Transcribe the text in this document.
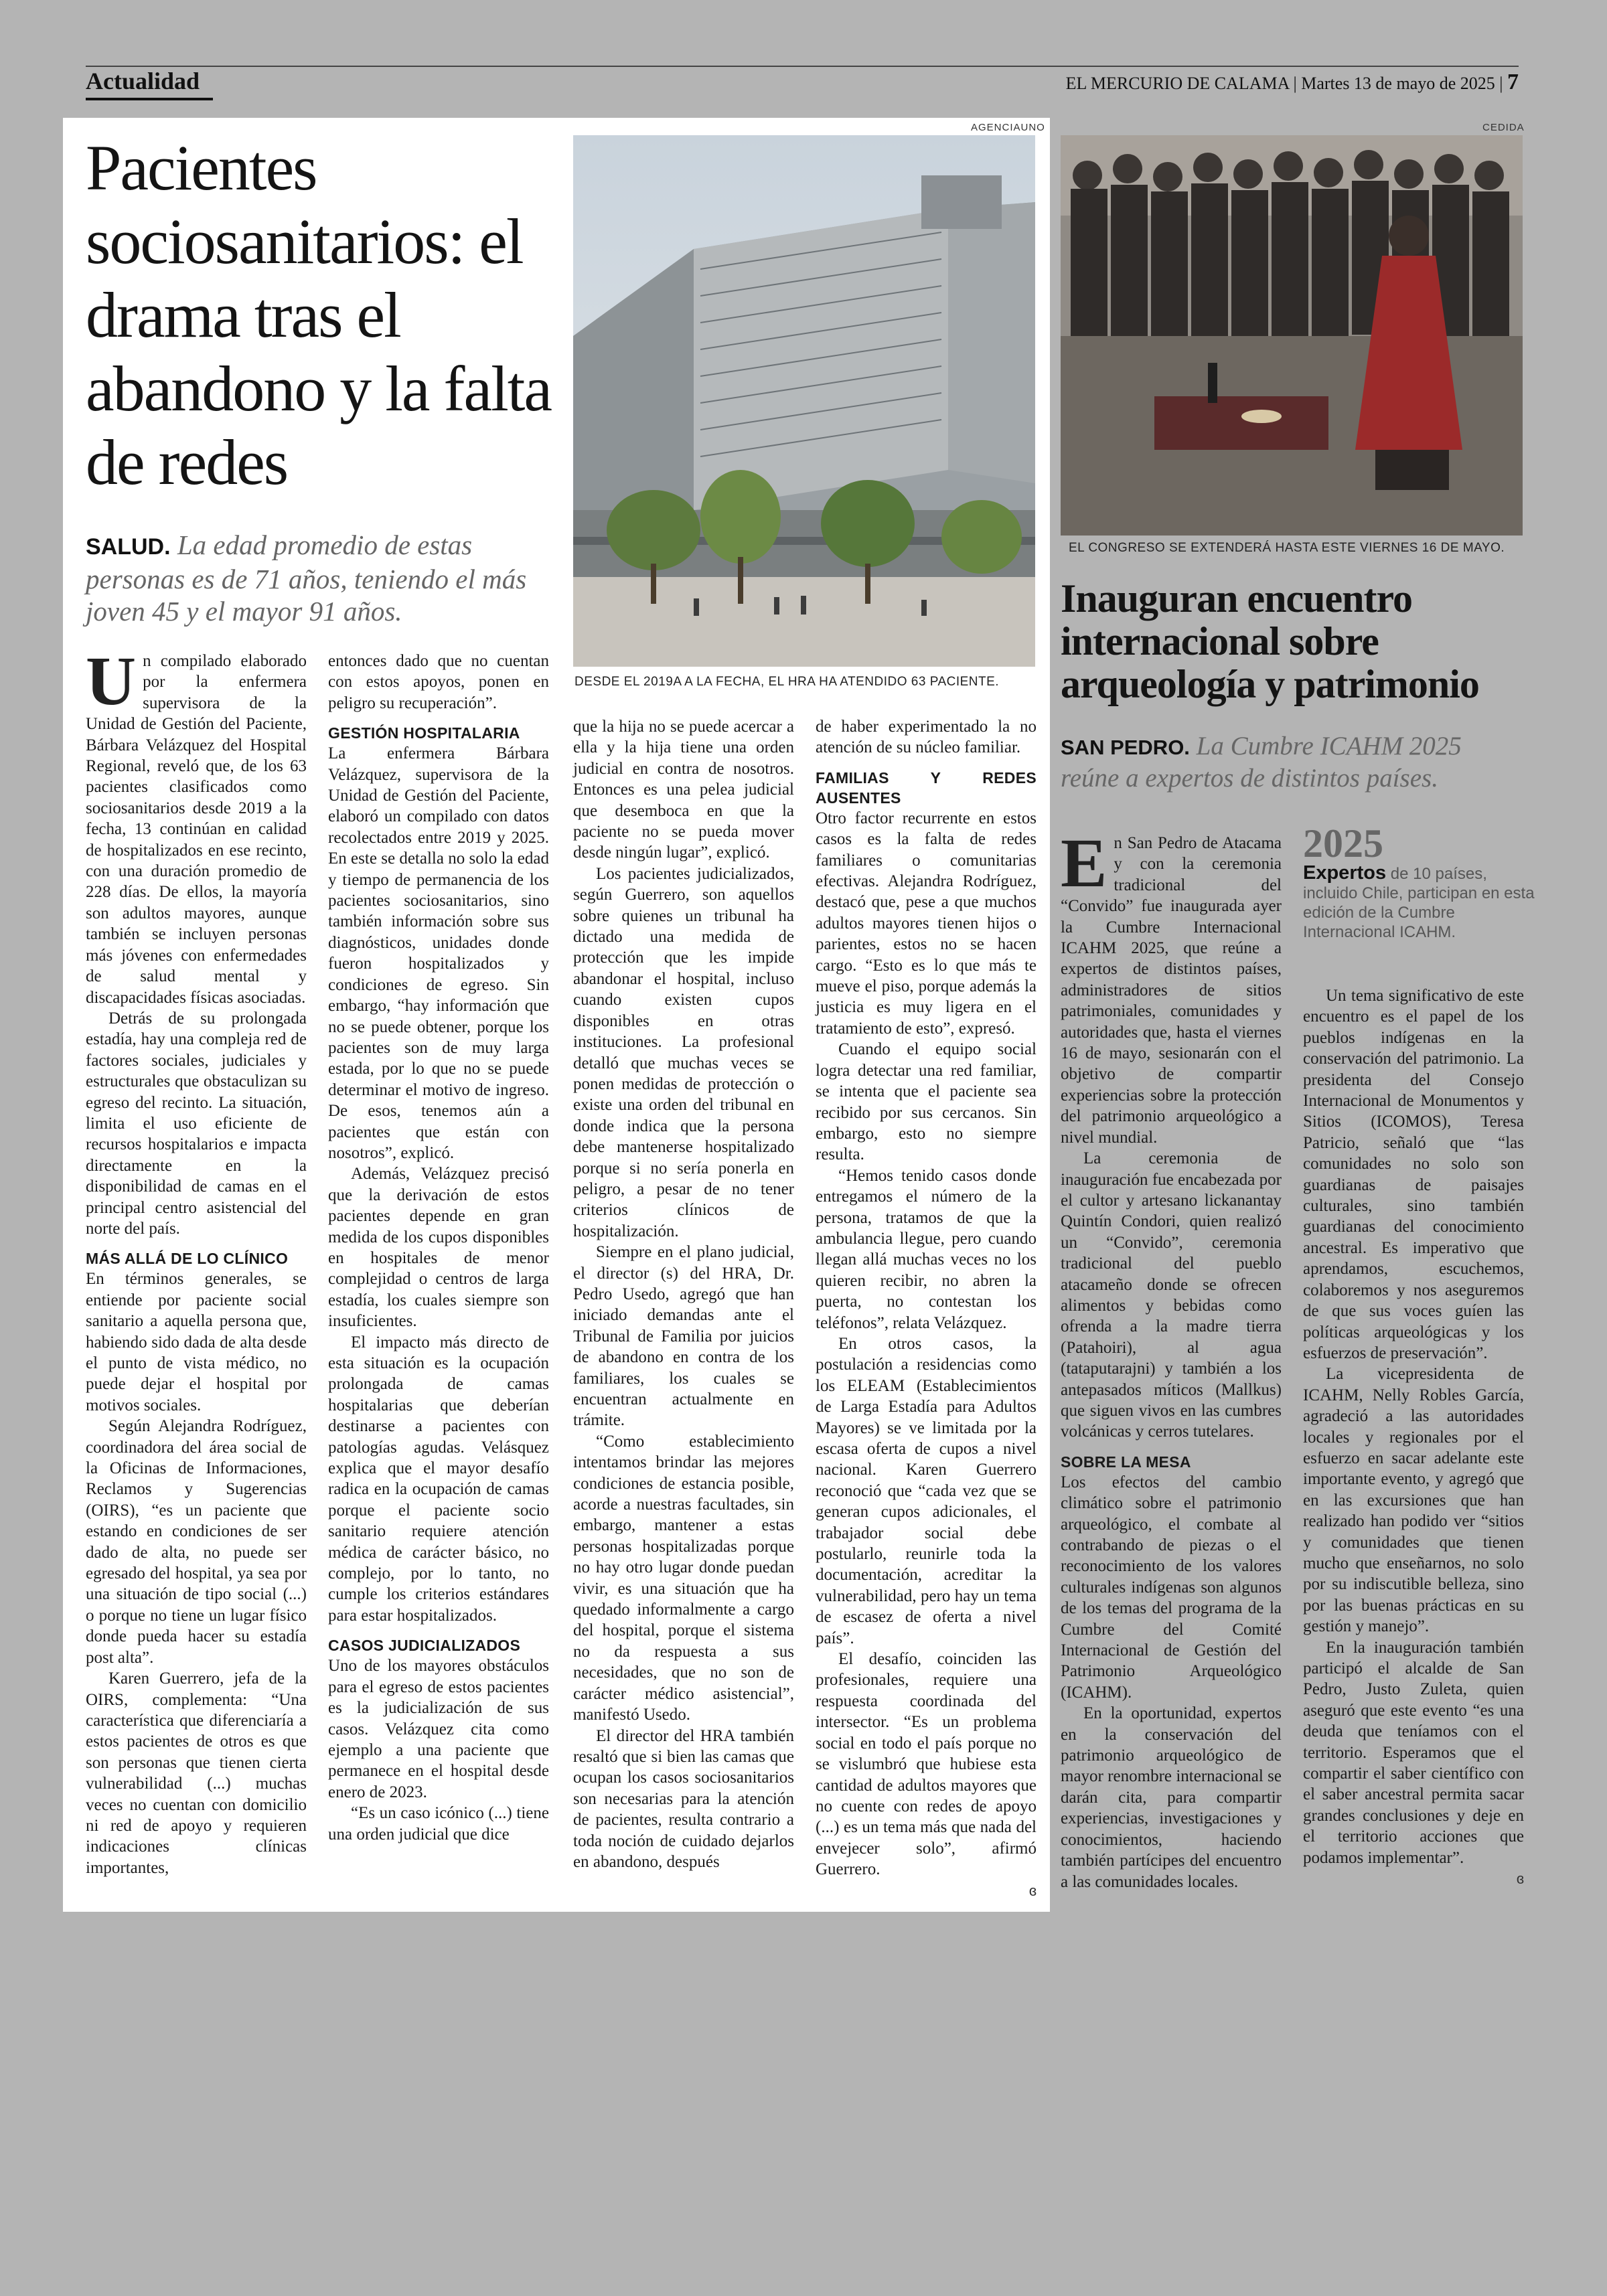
Actualidad	EL MERCURIO DE CALAMA | Martes 13 de mayo de 2025 | 7
Pacientes sociosanitarios: el drama tras el abandono y la falta de redes
SALUD. La edad promedio de estas personas es de 71 años, teniendo el más joven 45 y el mayor 91 años.
AGENCIAUNO
DESDE EL 2019A A LA FECHA, EL HRA HA ATENDIDO 63 PACIENTE.
U n compilado elaborado por la enfermera supervisora de la Unidad de Gestión del Paciente, Bárbara Velázquez del Hospital Regional, reveló que, de los 63 pacientes clasificados como sociosanitarios desde 2019 a la fecha, 13 continúan en calidad de hospitalizados en ese recinto, con una duración promedio de 228 días. De ellos, la mayoría son adultos mayores, aunque también se incluyen personas más jóvenes con enfermedades de salud mental y discapacidades físicas asociadas.

Detrás de su prolongada estadía, hay una compleja red de factores sociales, judiciales y estructurales que obstaculizan su egreso del recinto. La situación, limita el uso eficiente de recursos hospitalarios e impacta directamente en la disponibilidad de camas en el principal centro asistencial del norte del país.

MÁS ALLÁ DE LO CLÍNICO

En términos generales, se entiende por paciente social sanitario a aquella persona que, habiendo sido dada de alta desde el punto de vista médico, no puede dejar el hospital por motivos sociales.

Según Alejandra Rodríguez, coordinadora del área social de la Oficinas de Informaciones, Reclamos y Sugerencias (OIRS), “es un paciente que estando en condiciones de ser dado de alta, no puede ser egresado del hospital, ya sea por una situación de tipo social (...) o porque no tiene un lugar físico donde pueda hacer su estadía post alta”.

Karen Guerrero, jefa de la OIRS, complementa: “Una característica que diferenciaría a estos pacientes de otros es que son personas que tienen cierta vulnerabilidad (...) muchas veces no cuentan con domicilio ni red de apoyo y requieren indicaciones clínicas importantes,

entonces dado que no cuentan con estos apoyos, ponen en peligro su recuperación”.

GESTIÓN HOSPITALARIA

La enfermera Bárbara Velázquez, supervisora de la Unidad de Gestión del Paciente, elaboró un compilado con datos recolectados entre 2019 y 2025. En este se detalla no solo la edad y tiempo de permanencia de los pacientes sociosanitarios, sino también información sobre sus diagnósticos, unidades donde fueron hospitalizados y condiciones de egreso. Sin embargo, “hay información que no se puede obtener, porque los pacientes son de muy larga estada, por lo que no se puede determinar el motivo de ingreso. De esos, tenemos aún a pacientes que están con nosotros”, explicó.

Además, Velázquez precisó que la derivación de estos pacientes depende en gran medida de los cupos disponibles en hospitales de menor complejidad o centros de larga estadía, los cuales siempre son insuficientes.

El impacto más directo de esta situación es la ocupación prolongada de camas hospitalarias que deberían destinarse a pacientes con patologías agudas. Velásquez explica que el mayor desafío radica en la ocupación de camas porque el paciente socio sanitario requiere atención médica de carácter básico, no complejo, por lo tanto, no cumple los criterios estándares para estar hospitalizados.

CASOS JUDICIALIZADOS

Uno de los mayores obstáculos para el egreso de estos pacientes es la judicialización de sus casos. Velázquez cita como ejemplo a una paciente que permanece en el hospital desde enero de 2023.

“Es un caso icónico (...) tiene una orden judicial que dice

que la hija no se puede acercar a ella y la hija tiene una orden judicial en contra de nosotros. Entonces es una pelea judicial que desemboca en que la paciente no se pueda mover desde ningún lugar”, explicó.

Los pacientes judicializados, según Guerrero, son aquellos sobre quienes un tribunal ha dictado una medida de protección que les impide abandonar el hospital, incluso cuando existen cupos disponibles en otras instituciones. La profesional detalló que muchas veces se ponen medidas de protección o existe una orden del tribunal en donde indica que la persona debe mantenerse hospitalizado porque si no sería ponerla en peligro, a pesar de no tener criterios clínicos de hospitalización.

Siempre en el plano judicial, el director (s) del HRA, Dr. Pedro Usedo, agregó que han iniciado demandas ante el Tribunal de Familia por juicios de abandono en contra de los familiares, los cuales se encuentran actualmente en trámite.

“Como establecimiento intentamos brindar las mejores condiciones de estancia posible, acorde a nuestras facultades, sin embargo, mantener a estas personas hospitalizadas porque no hay otro lugar donde puedan vivir, es una situación que ha quedado informalmente a cargo del hospital, porque el sistema no da respuesta a sus necesidades, que no son de carácter médico asistencial”, manifestó Usedo.

El director del HRA también resaltó que si bien las camas que ocupan los casos sociosanitarios son necesarias para la atención de pacientes, resulta contrario a toda noción de cuidado dejarlos en abandono, después

de haber experimentado la no atención de su núcleo familiar.

FAMILIAS Y REDES AUSENTES

Otro factor recurrente en estos casos es la falta de redes familiares o comunitarias efectivas. Alejandra Rodríguez, destacó que, pese a que muchos adultos mayores tienen hijos o parientes, estos no se hacen cargo. “Esto es lo que más te mueve el piso, porque además la justicia es muy ligera en el tratamiento de esto”, expresó.

Cuando el equipo social logra detectar una red familiar, se intenta que el paciente sea recibido por sus cercanos. Sin embargo, esto no siempre resulta.

“Hemos tenido casos donde entregamos el número de la persona, tratamos de que la ambulancia llegue, pero cuando llegan allá muchas veces no los quieren recibir, no abren la puerta, no contestan los teléfonos”, relata Velázquez.

En otros casos, la postulación a residencias como los ELEAM (Establecimientos de Larga Estadía para Adultos Mayores) se ve limitada por la escasa oferta de cupos a nivel nacional. Karen Guerrero reconoció que “cada vez que se generan cupos adicionales, el trabajador social debe postularlo, reunirle toda la documentación, acreditar la vulnerabilidad, pero hay un tema de escasez de oferta a nivel país”.

El desafío, coinciden las profesionales, requiere una respuesta coordinada del intersector. “Es un problema social en todo el país porque no se vislumbró que hubiese esta cantidad de adultos mayores que no cuente con redes de apoyo (...) es un tema más que nada del envejecer solo”, afirmó Guerrero.

ɞ
CEDIDA
EL CONGRESO SE EXTENDERÁ HASTA ESTE VIERNES 16 DE MAYO.
Inauguran encuentro internacional sobre arqueología y patrimonio
SAN PEDRO. La Cumbre ICAHM 2025 reúne a expertos de distintos países.
2025
Expertos de 10 países, incluido Chile, participan en esta edición de la Cumbre Internacional ICAHM.
E n San Pedro de Atacama y con la ceremonia tradicional del “Convido” fue inaugurada ayer la Cumbre Internacional ICAHM 2025, que reúne a expertos de distintos países, administradores de sitios patrimoniales, comunidades y autoridades que, hasta el viernes 16 de mayo, sesionarán con el objetivo de compartir experiencias sobre la protección del patrimonio arqueológico a nivel mundial.

La ceremonia de inauguración fue encabezada por el cultor y artesano lickanantay Quintín Condori, quien realizó un “Convido”, ceremonia tradicional del pueblo atacameño donde se ofrecen alimentos y bebidas como ofrenda a la madre tierra (Patahoiri), al agua (tataputarajni) y también a los antepasados míticos (Mallkus) que siguen vivos en las cumbres volcánicas y cerros tutelares.

SOBRE LA MESA

Los efectos del cambio climático sobre el patrimonio arqueológico, el combate al contrabando de piezas o el reconocimiento de los valores culturales indígenas son algunos de los temas del programa de la Cumbre del Comité Internacional de Gestión del Patrimonio Arqueológico (ICAHM).

En la oportunidad, expertos en la conservación del patrimonio arqueológico de mayor renombre internacional se darán cita, para compartir experiencias, investigaciones y conocimientos, haciendo también partícipes del encuentro a las comunidades locales.

Un tema significativo de este encuentro es el papel de los pueblos indígenas en la conservación del patrimonio. La presidenta del Consejo Internacional de Monumentos y Sitios (ICOMOS), Teresa Patricio, señaló que “las comunidades no solo son guardianas de paisajes culturales, sino también guardianas del conocimiento ancestral. Es imperativo que aprendamos, escuchemos, colaboremos y nos aseguremos de que sus voces guíen las políticas arqueológicas y los esfuerzos de preservación”.

La vicepresidenta de ICAHM, Nelly Robles García, agradeció a las autoridades locales y regionales por el esfuerzo en sacar adelante este importante evento, y agregó que en las excursiones que han realizado han podido ver “sitios y comunidades que tienen mucho que enseñarnos, no solo por su indiscutible belleza, sino por las buenas prácticas en su gestión y manejo”.

En la inauguración también participó el alcalde de San Pedro, Justo Zuleta, quien aseguró que este evento “es una deuda que teníamos con el territorio. Esperamos que el compartir el saber científico con el saber ancestral permita sacar grandes conclusiones y deje en el territorio acciones que podamos implementar”.

ɞ
